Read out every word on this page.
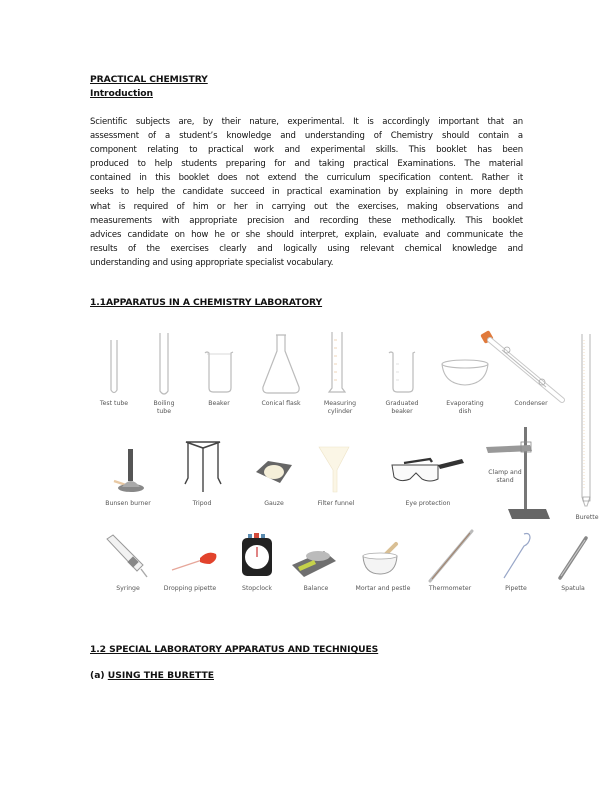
PRACTICAL CHEMISTRY
Introduction
Scientific subjects are, by their nature, experimental. It is accordingly important that an
assessment of a student’s knowledge and understanding of Chemistry should contain a
component relating to practical work and experimental skills. This booklet has been
produced to help students preparing for and taking practical Examinations. The material
contained in this booklet does not extend the curriculum specification content. Rather it
seeks to help the candidate succeed in practical examination by explaining in more depth
what is required of him or her in carrying out the exercises, making observations and
measurements with appropriate precision and recording these methodically. This booklet
advices candidate on how he or she should interpret, explain, evaluate and communicate the
results of the exercises clearly and logically using relevant chemical knowledge and
understanding and using appropriate specialist vocabulary.
1.1APPARATUS IN A CHEMISTRY LABORATORY
Test tube	Boiling tube
Beaker	Conical flask	Measuring cylinder
Graduated beaker
Evaporating dish
Condenser
Burette
Bunsen burner	Tripod	Gauze	Filter funnel	Eye protection
Clamp and stand
Syringe	Dropping pipette	Stopclock	Balance	Mortar and pestle	Thermometer	Pipette	Spatula
1.2 SPECIAL LABORATORY APPARATUS AND TECHNIQUES
(a) USING THE BURETTE
